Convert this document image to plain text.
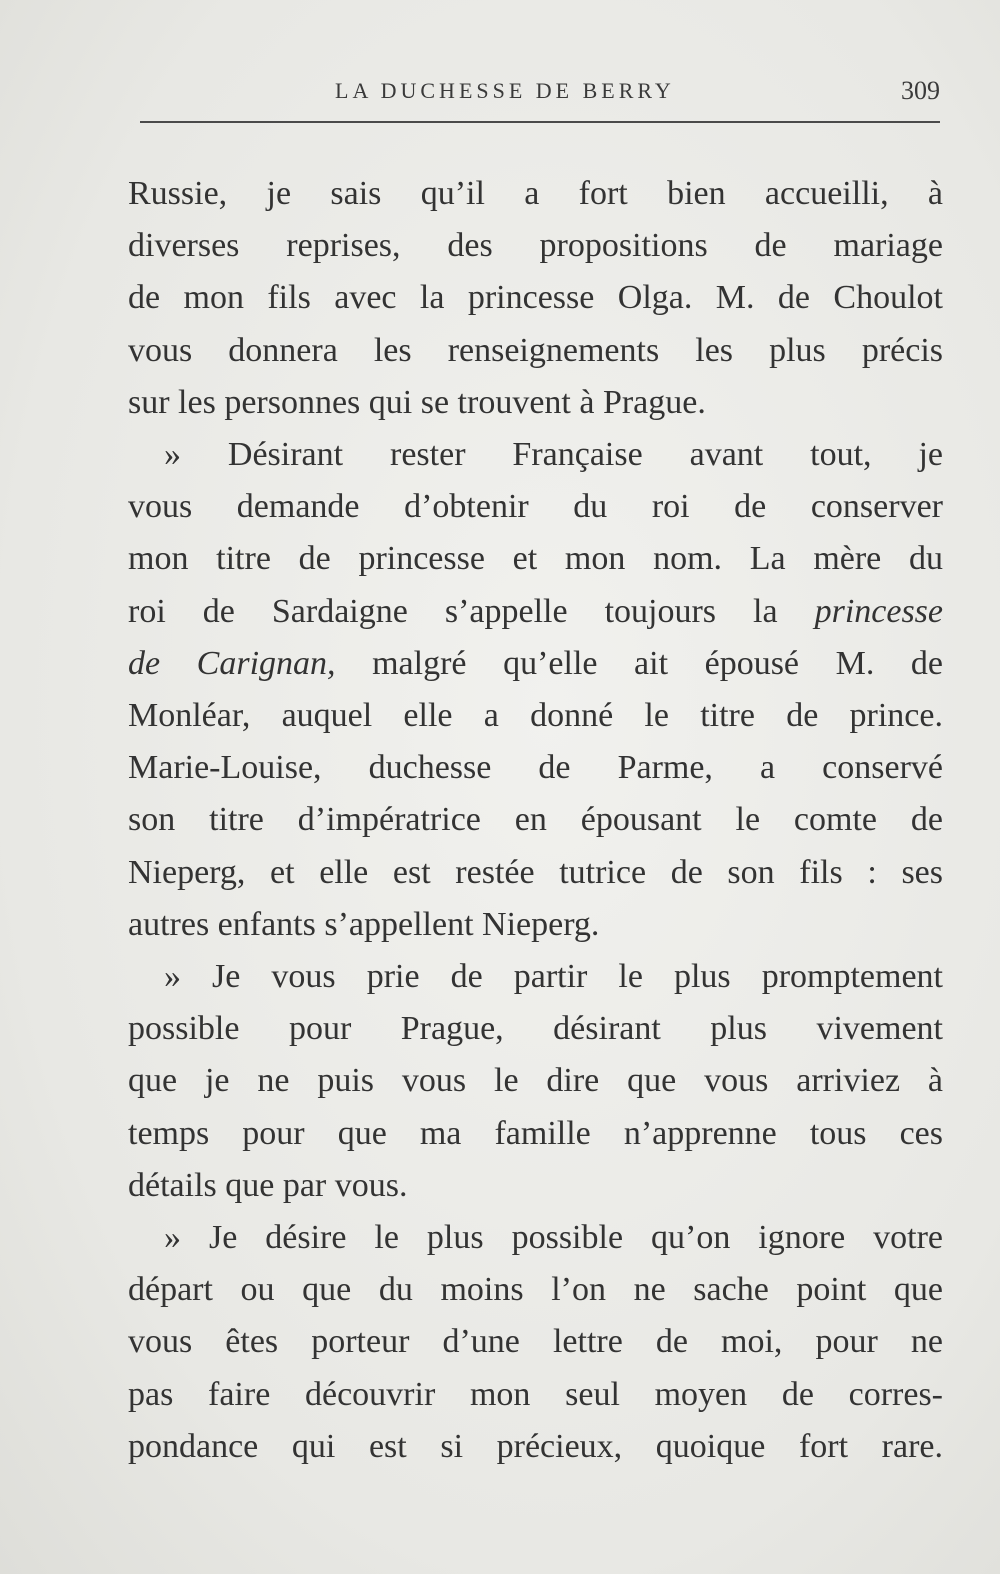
LA DUCHESSE DE BERRY	309
Russie, je sais qu’il a fort bien accueilli, à
diverses reprises, des propositions de mariage
de mon fils avec la princesse Olga. M. de Choulot
vous donnera les renseignements les plus précis
sur les personnes qui se trouvent à Prague.
» Désirant rester Française avant tout, je
vous demande d’obtenir du roi de conserver
mon titre de princesse et mon nom. La mère du
roi de Sardaigne s’appelle toujours la princesse
de Carignan, malgré qu’elle ait épousé M. de
Monléar, auquel elle a donné le titre de prince.
Marie-Louise, duchesse de Parme, a conservé
son titre d’impératrice en épousant le comte de
Nieperg, et elle est restée tutrice de son fils : ses
autres enfants s’appellent Nieperg.
» Je vous prie de partir le plus promptement
possible pour Prague, désirant plus vivement
que je ne puis vous le dire que vous arriviez à
temps pour que ma famille n’apprenne tous ces
détails que par vous.
» Je désire le plus possible qu’on ignore votre
départ ou que du moins l’on ne sache point que
vous êtes porteur d’une lettre de moi, pour ne
pas faire découvrir mon seul moyen de corres-
pondance qui est si précieux, quoique fort rare.
